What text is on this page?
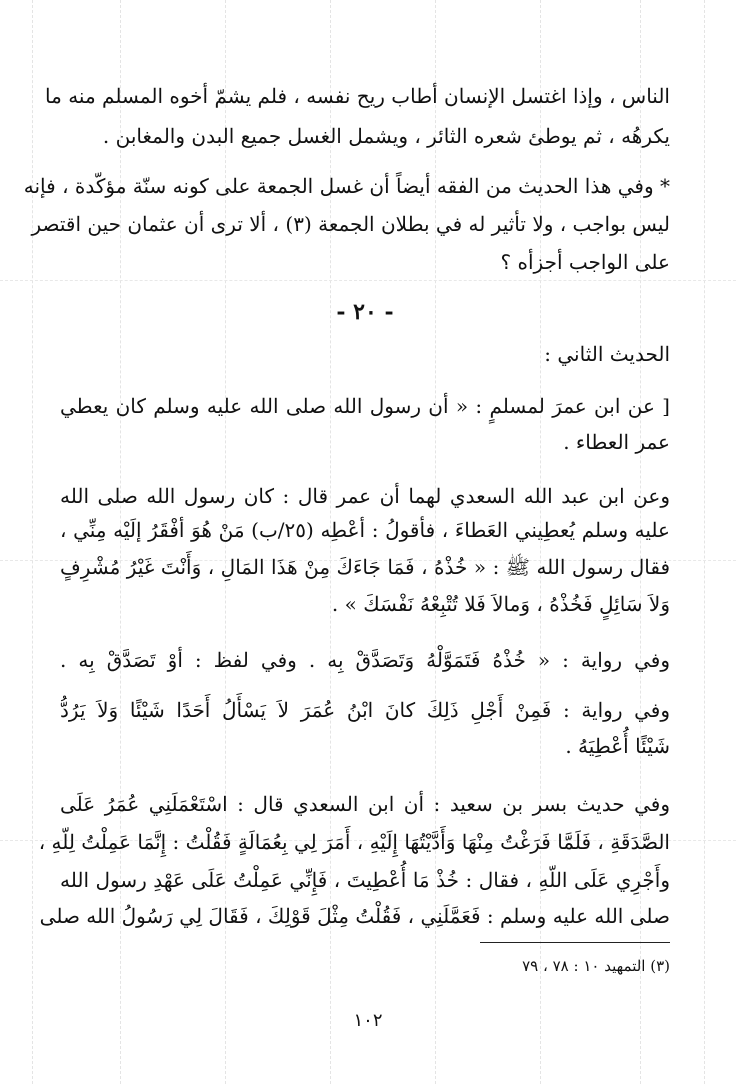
الناس ، وإذا اغتسل الإنسان أطاب ريح نفسه ، فلم يشمّ أخوه المسلم منه ما
يكرهُه ، ثم يوطئ شعره الثائر ، ويشمل الغسل جميع البدن والمغابن .
* وفي هذا الحديث من الفقه أيضاً أن غسل الجمعة على كونه سنّة مؤكّدة ، فإنه
ليس بواجب ، ولا تأثير له في بطلان الجمعة (٣) ، ألا ترى أن عثمان حين اقتصر
على الواجب أجزأه ؟
- ٢٠ -
الحديث الثاني :
[ عن ابن عمرَ لمسلمٍ : « أن رسول الله صلى الله عليه وسلم كان يعطي
عمر العطاء .
وعن ابن عبد الله السعدي لهما أن عمر قال : كان رسول الله صلى الله
عليه وسلم يُعطِيني العَطاءَ ، فأقولُ : أعْطِه (٢٥/ب) مَنْ هُوَ أفْقَرُ إلَيْه مِنِّي ،
فقال رسول الله ﷺ : « خُذْهُ ، فَمَا جَاءَكَ مِنْ هَذَا المَالِ ، وَأَنْتَ غَيْرُ مُشْرِفٍ
وَلاَ سَائِلٍ فَخُذْهُ ، وَمالاَ فَلا تُتْبِعْهُ نَفْسَكَ » .
وفي رواية : « خُذْهُ فَتَمَوَّلْهُ وَتَصَدَّقْ بِه . وفي لفظ : أوْ تَصَدَّقْ بِه .
وفي رواية : فَمِنْ أَجْلِ ذَلِكَ كانَ ابْنُ عُمَرَ لاَ يَسْأَلُ أَحَدًا شَيْئًا وَلاَ يَرُدُّ
شَيْئًا أُعْطِيَهُ .
وفي حديث بسر بن سعيد : أن ابن السعدي قال : اسْتَعْمَلَنِي عُمَرُ عَلَى
الصَّدَقَةِ ، فَلَمَّا فَرَغْتُ مِنْهَا وَأَدَّيْتُهَا إِلَيْهِ ، أَمَرَ لِي بِعُمَالَةٍ فَقُلْتُ : إِنَّمَا عَمِلْتُ لِلّهِ ،
وأَجْرِي عَلَى اللّهِ ، فقال : خُذْ مَا أُعْطِيتَ ، فَإِنِّي عَمِلْتُ عَلَى عَهْدِ رسول الله
صلى الله عليه وسلم : فَعَمَّلَنِي ، فَقُلْتُ مِثْلَ قَوْلِكَ ، فَقَالَ لِي رَسُولُ الله صلى
(٣) التمهيد ١٠ : ٧٨ ، ٧٩
١٠٢
